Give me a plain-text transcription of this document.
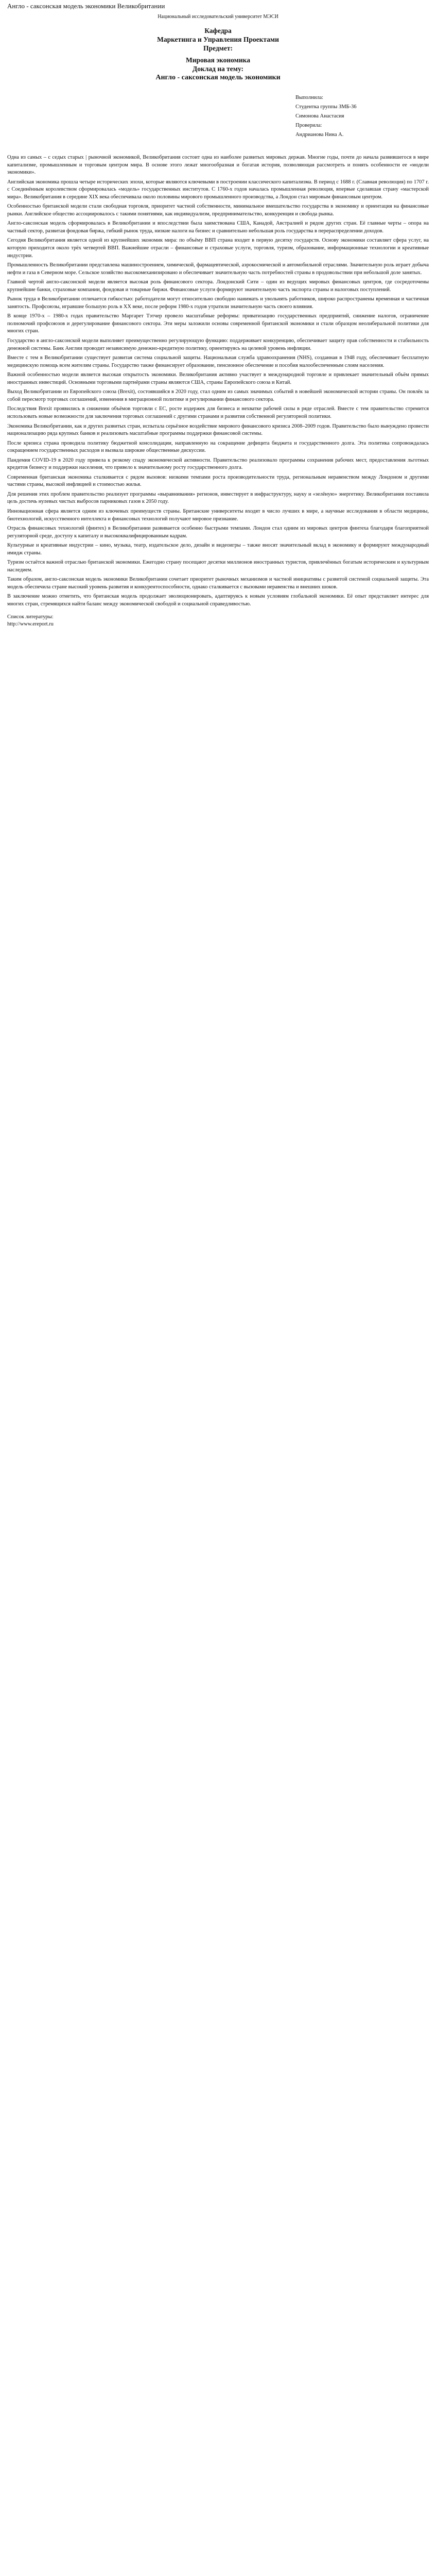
Англо - саксонская модель экономики Великобритании
Национальный исследовательский университет МЭСИ
Кафедра
Маркетинга и Управления Проектами
Предмет:
Мировая экономика
Доклад на тему:
Англо - саксонская модель экономики
Выполнила:
Студентка группы ЗМБ-36
Симонова Анастасия
Проверила:
Андрианова Нина А.

Одна из самых – с седых старых | рыночной экономикой, Великобритания состоит одна из наиболее развитых мировых держав. Многие годы, почти до начала развившегося в мире капитализме, промышленным и торговым центром мира. В основе этого лежат многообразная и богатая история, позволяющая рассмотреть и понять особенности ее «модели экономики».

Английская экономика прошла четыре исторических эпохи, которые являются ключевыми в построении классического капитализма. В период с 1688 г. (Славная революция) по 1707 г. с Соединённым королевством сформировалась «модель» государственных институтов. С 1760-х годов началась промышленная революция, впервые сделавшая страну «мастерской мира». Великобритания в середине XIX века обеспечивала около половины мирового промышленного производства, а Лондон стал мировым финансовым центром.

Особенностью британской модели стали свободная торговля, приоритет частной собственности, минимальное вмешательство государства в экономику и ориентация на финансовые рынки. Английское общество ассоциировалось с такими понятиями, как индивидуализм, предпринимательство, конкуренция и свобода рынка.

Англо-саксонская модель сформировалась в Великобритании и впоследствии была заимствована США, Канадой, Австралией и рядом других стран. Её главные черты – опора на частный сектор, развитая фондовая биржа, гибкий рынок труда, низкие налоги на бизнес и сравнительно небольшая роль государства в перераспределении доходов.

Сегодня Великобритания является одной из крупнейших экономик мира: по объёму ВВП страна входит в первую десятку государств. Основу экономики составляет сфера услуг, на которую приходится около трёх четвертей ВВП. Важнейшие отрасли – финансовые и страховые услуги, торговля, туризм, образование, информационные технологии и креативные индустрии.

Промышленность Великобритании представлена машиностроением, химической, фармацевтической, аэрокосмической и автомобильной отраслями. Значительную роль играет добыча нефти и газа в Северном море. Сельское хозяйство высокомеханизировано и обеспечивает значительную часть потребностей страны в продовольствии при небольшой доле занятых.

Главной чертой англо-саксонской модели является высокая роль финансового сектора. Лондонский Сити – один из ведущих мировых финансовых центров, где сосредоточены крупнейшие банки, страховые компании, фондовая и товарные биржи. Финансовые услуги формируют значительную часть экспорта страны и налоговых поступлений.

Рынок труда в Великобритании отличается гибкостью: работодатели могут относительно свободно нанимать и увольнять работников, широко распространены временная и частичная занятость. Профсоюзы, игравшие большую роль в XX веке, после реформ 1980-х годов утратили значительную часть своего влияния.

В конце 1970-х – 1980-х годах правительство Маргарет Тэтчер провело масштабные реформы: приватизацию государственных предприятий, снижение налогов, ограничение полномочий профсоюзов и дерегулирование финансового сектора. Эти меры заложили основы современной британской экономики и стали образцом неолиберальной политики для многих стран.

Государство в англо-саксонской модели выполняет преимущественно регулирующую функцию: поддерживает конкуренцию, обеспечивает защиту прав собственности и стабильность денежной системы. Банк Англии проводит независимую денежно-кредитную политику, ориентируясь на целевой уровень инфляции.

Вместе с тем в Великобритании существует развитая система социальной защиты. Национальная служба здравоохранения (NHS), созданная в 1948 году, обеспечивает бесплатную медицинскую помощь всем жителям страны. Государство также финансирует образование, пенсионное обеспечение и пособия малообеспеченным слоям населения.

Важной особенностью модели является высокая открытость экономики. Великобритания активно участвует в международной торговле и привлекает значительный объём прямых иностранных инвестиций. Основными торговыми партнёрами страны являются США, страны Европейского союза и Китай.

Выход Великобритании из Европейского союза (Brexit), состоявшийся в 2020 году, стал одним из самых значимых событий в новейшей экономической истории страны. Он повлёк за собой пересмотр торговых соглашений, изменения в миграционной политике и регулировании финансового сектора.

Последствия Brexit проявились в снижении объёмов торговли с ЕС, росте издержек для бизнеса и нехватке рабочей силы в ряде отраслей. Вместе с тем правительство стремится использовать новые возможности для заключения торговых соглашений с другими странами и развития собственной регуляторной политики.

Экономика Великобритании, как и других развитых стран, испытала серьёзное воздействие мирового финансового кризиса 2008–2009 годов. Правительство было вынуждено провести национализацию ряда крупных банков и реализовать масштабные программы поддержки финансовой системы.

После кризиса страна проводила политику бюджетной консолидации, направленную на сокращение дефицита бюджета и государственного долга. Эта политика сопровождалась сокращением государственных расходов и вызвала широкие общественные дискуссии.

Пандемия COVID-19 в 2020 году привела к резкому спаду экономической активности. Правительство реализовало программы сохранения рабочих мест, предоставления льготных кредитов бизнесу и поддержки населения, что привело к значительному росту государственного долга.

Современная британская экономика сталкивается с рядом вызовов: низкими темпами роста производительности труда, региональным неравенством между Лондоном и другими частями страны, высокой инфляцией и стоимостью жилья.

Для решения этих проблем правительство реализует программы «выравнивания» регионов, инвестирует в инфраструктуру, науку и «зелёную» энергетику. Великобритания поставила цель достичь нулевых чистых выбросов парниковых газов к 2050 году.

Инновационная сфера является одним из ключевых преимуществ страны. Британские университеты входят в число лучших в мире, а научные исследования в области медицины, биотехнологий, искусственного интеллекта и финансовых технологий получают мировое признание.

Отрасль финансовых технологий (финтех) в Великобритании развивается особенно быстрыми темпами. Лондон стал одним из мировых центров финтеха благодаря благоприятной регуляторной среде, доступу к капиталу и высококвалифицированным кадрам.

Культурные и креативные индустрии – кино, музыка, театр, издательское дело, дизайн и видеоигры – также вносят значительный вклад в экономику и формируют международный имидж страны.

Туризм остаётся важной отраслью британской экономики. Ежегодно страну посещают десятки миллионов иностранных туристов, привлечённых богатым историческим и культурным наследием.

Таким образом, англо-саксонская модель экономики Великобритании сочетает приоритет рыночных механизмов и частной инициативы с развитой системой социальной защиты. Эта модель обеспечила стране высокий уровень развития и конкурентоспособности, однако сталкивается с вызовами неравенства и внешних шоков.

В заключение можно отметить, что британская модель продолжает эволюционировать, адаптируясь к новым условиям глобальной экономики. Её опыт представляет интерес для многих стран, стремящихся найти баланс между экономической свободой и социальной справедливостью.

Список литературы:
http://www.ereport.ru
